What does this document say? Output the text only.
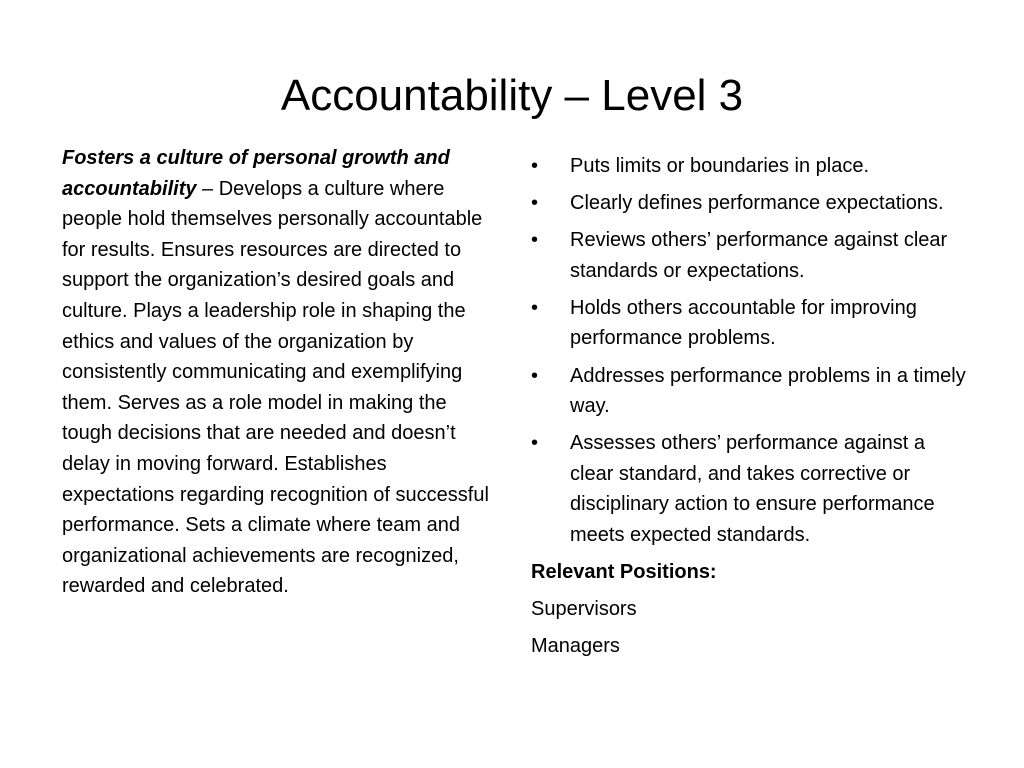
Accountability – Level 3
Fosters a culture of personal growth and accountability – Develops a culture where people hold themselves personally accountable for results. Ensures resources are directed to support the organization’s desired goals and culture. Plays a leadership role in shaping the ethics and values of the organization by consistently communicating and exemplifying them. Serves as a role model in making the tough decisions that are needed and doesn’t delay in moving forward. Establishes expectations regarding recognition of successful performance. Sets a climate where team and organizational achievements are recognized, rewarded and celebrated.
•	Puts limits or boundaries in place.
•	Clearly defines performance expectations.
•	Reviews others’ performance against clear standards or expectations.
•	Holds others accountable for improving performance problems.
•	Addresses performance problems in a timely way.
•	Assesses others’ performance against a clear standard, and takes corrective or disciplinary action to ensure performance meets expected standards.

Relevant Positions:

Supervisors

Managers
